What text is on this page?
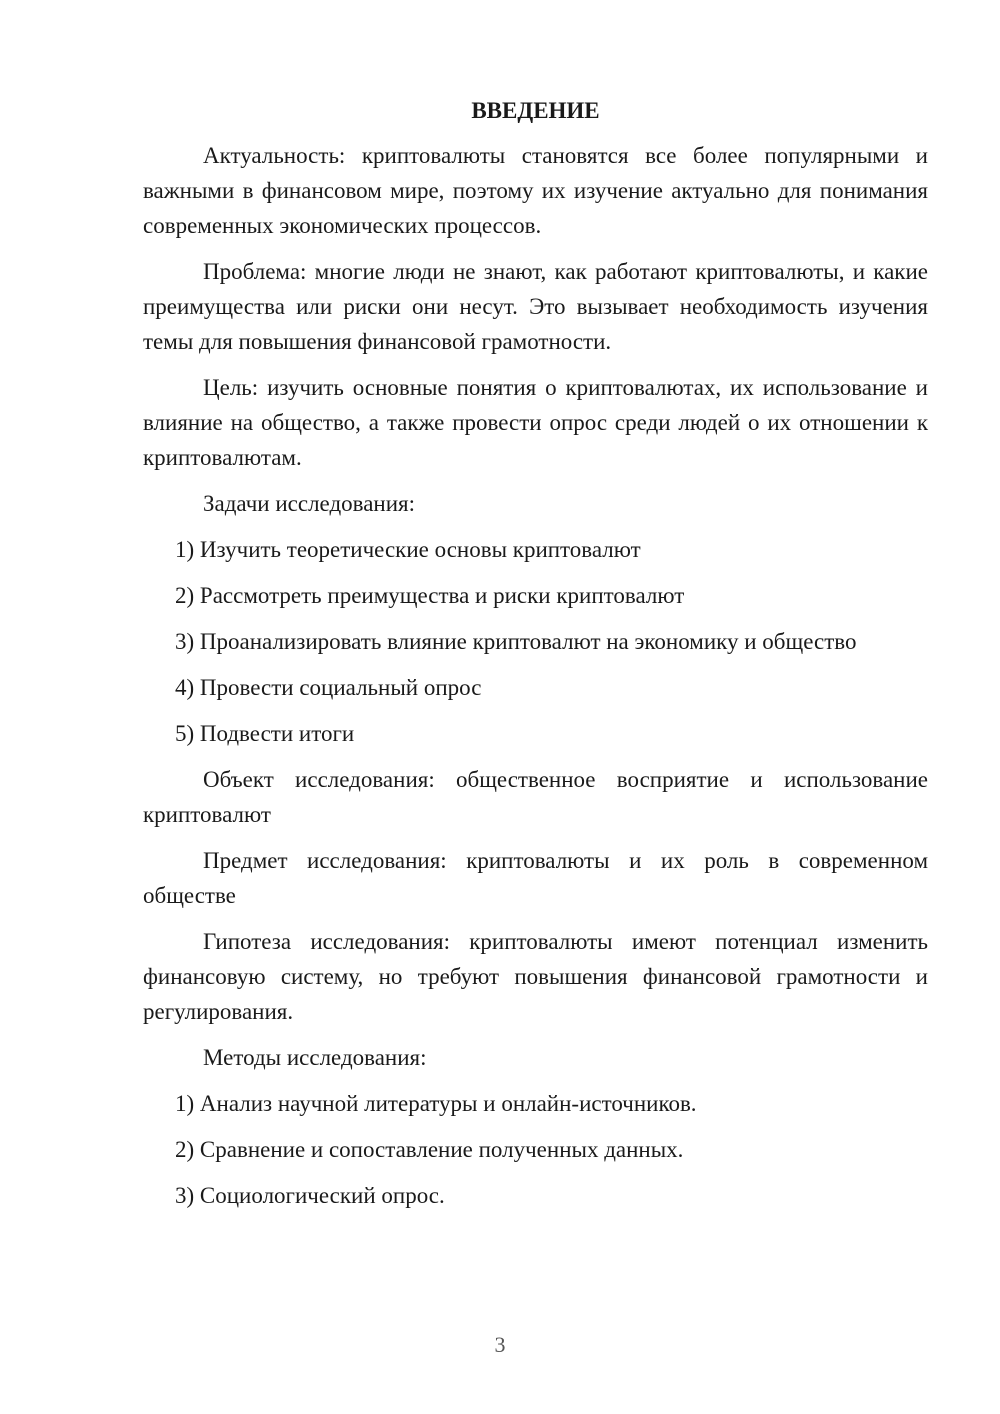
ВВЕДЕНИЕ

Актуальность: криптовалюты становятся все более популярными и важными в финансовом мире, поэтому их изучение актуально для понимания современных экономических процессов.

Проблема: многие люди не знают, как работают криптовалюты, и какие преимущества или риски они несут. Это вызывает необходимость изучения темы для повышения финансовой грамотности.

Цель: изучить основные понятия о криптовалютах, их использование и влияние на общество, а также провести опрос среди людей о их отношении к криптовалютам.

Задачи исследования:

1) Изучить теоретические основы криптовалют
2) Рассмотреть преимущества и риски криптовалют
3) Проанализировать влияние криптовалют на экономику и общество
4) Провести социальный опрос
5) Подвести итоги

Объект исследования: общественное восприятие и использование криптовалют

Предмет исследования: криптовалюты и их роль в современном обществе

Гипотеза исследования: криптовалюты имеют потенциал изменить финансовую систему, но требуют повышения финансовой грамотности и регулирования.

Методы исследования:

1) Анализ научной литературы и онлайн-источников.
2) Сравнение и сопоставление полученных данных.
3) Социологический опрос.
3
